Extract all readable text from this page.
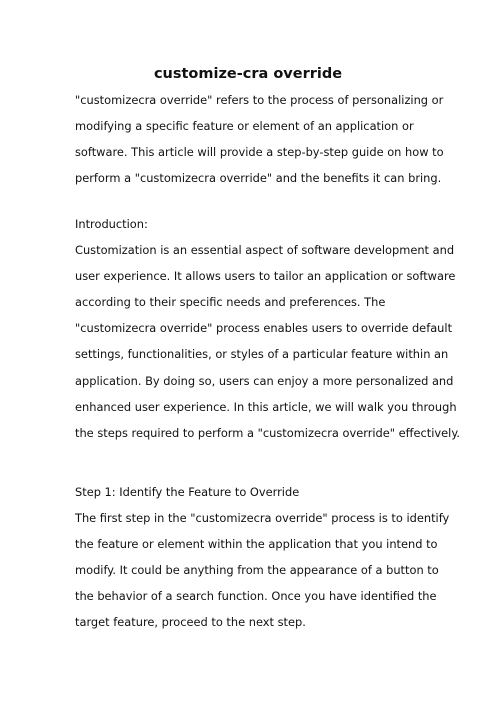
customize-cra override
"customizecra override" refers to the process of personalizing or
modifying a specific feature or element of an application or
software. This article will provide a step-by-step guide on how to
perform a "customizecra override" and the benefits it can bring.
Introduction:
Customization is an essential aspect of software development and
user experience. It allows users to tailor an application or software
according to their specific needs and preferences. The
"customizecra override" process enables users to override default
settings, functionalities, or styles of a particular feature within an
application. By doing so, users can enjoy a more personalized and
enhanced user experience. In this article, we will walk you through
the steps required to perform a "customizecra override" effectively.
Step 1: Identify the Feature to Override
The first step in the "customizecra override" process is to identify
the feature or element within the application that you intend to
modify. It could be anything from the appearance of a button to
the behavior of a search function. Once you have identified the
target feature, proceed to the next step.
